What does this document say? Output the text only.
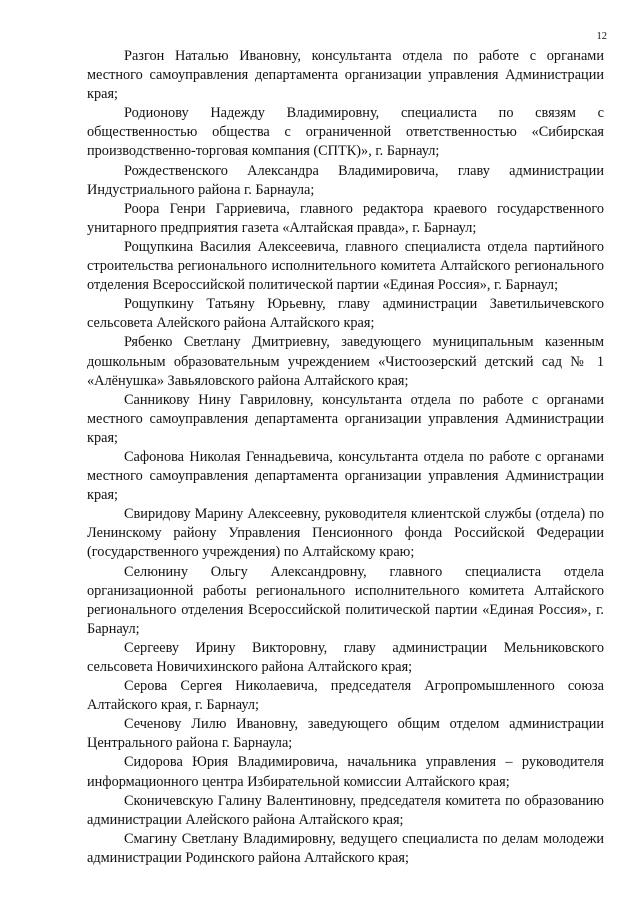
12

Разгон Наталью Ивановну, консультанта отдела по работе с органами местного самоуправления департамента организации управления Администрации края;

Родионову Надежду Владимировну, специалиста по связям с общественностью общества с ограниченной ответственностью «Сибирская производственно-торговая компания (СПТК)», г. Барнаул;

Рождественского Александра Владимировича, главу администрации Индустриального района г. Барнаула;

Роора Генри Гарриевича, главного редактора краевого государственного унитарного предприятия газета «Алтайская правда», г. Барнаул;

Рощупкина Василия Алексеевича, главного специалиста отдела партийного строительства регионального исполнительного комитета Алтайского регионального отделения Всероссийской политической партии «Единая Россия», г. Барнаул;

Рощупкину Татьяну Юрьевну, главу администрации Заветильичевского сельсовета Алейского района Алтайского края;

Рябенко Светлану Дмитриевну, заведующего муниципальным казенным дошкольным образовательным учреждением «Чистоозерский детский сад № 1 «Алёнушка» Завьяловского района Алтайского края;

Санникову Нину Гавриловну, консультанта отдела по работе с органами местного самоуправления департамента организации управления Администрации края;

Сафонова Николая Геннадьевича, консультанта отдела по работе с органами местного самоуправления департамента организации управления Администрации края;

Свиридову Марину Алексеевну, руководителя клиентской службы (отдела) по Ленинскому району Управления Пенсионного фонда Российской Федерации (государственного учреждения) по Алтайскому краю;

Селюнину Ольгу Александровну, главного специалиста отдела организационной работы регионального исполнительного комитета Алтайского регионального отделения Всероссийской политической партии «Единая Россия», г. Барнаул;

Сергееву Ирину Викторовну, главу администрации Мельниковского сельсовета Новичихинского района Алтайского края;

Серова Сергея Николаевича, председателя Агропромышленного союза Алтайского края, г. Барнаул;

Сеченову Лилю Ивановну, заведующего общим отделом администрации Центрального района г. Барнаула;

Сидорова Юрия Владимировича, начальника управления – руководителя информационного центра Избирательной комиссии Алтайского края;

Сконичевскую Галину Валентиновну, председателя комитета по образованию администрации Алейского района Алтайского края;

Смагину Светлану Владимировну, ведущего специалиста по делам молодежи администрации Родинского района Алтайского края;
